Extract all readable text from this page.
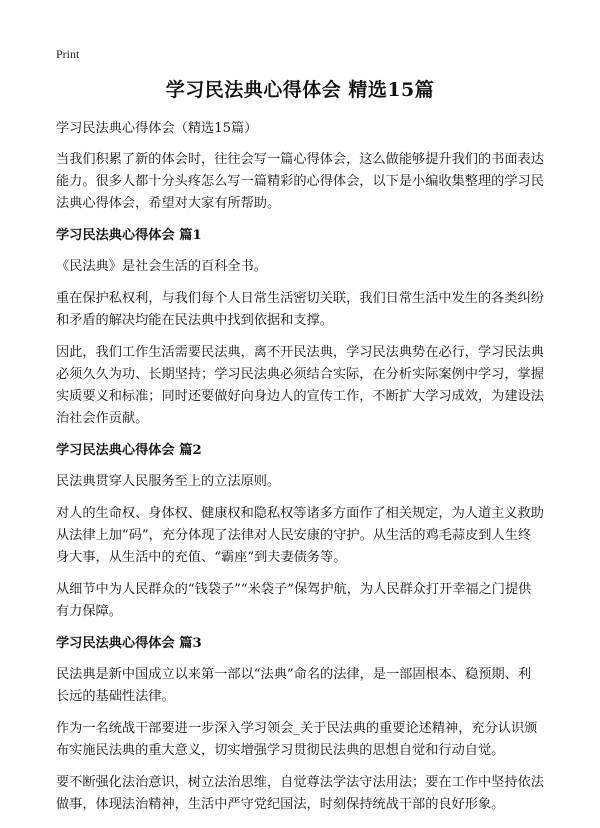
Print
学习民法典心得体会 精选15篇

学习民法典心得体会（精选15篇）

当我们积累了新的体会时，往往会写一篇心得体会，这么做能够提升我们的书面表达能力。很多人都十分头疼怎么写一篇精彩的心得体会，以下是小编收集整理的学习民法典心得体会，希望对大家有所帮助。

学习民法典心得体会 篇1

《民法典》是社会生活的百科全书。

重在保护私权利，与我们每个人日常生活密切关联，我们日常生活中发生的各类纠纷和矛盾的解决均能在民法典中找到依据和支撑。

因此，我们工作生活需要民法典，离不开民法典，学习民法典势在必行，学习民法典必须久久为功、长期坚持；学习民法典必须结合实际，在分析实际案例中学习，掌握实质要义和标准；同时还要做好向身边人的宣传工作，不断扩大学习成效，为建设法治社会作贡献。

学习民法典心得体会 篇2

民法典贯穿人民服务至上的立法原则。

对人的生命权、身体权、健康权和隐私权等诸多方面作了相关规定，为人道主义救助从法律上加“码”，充分体现了法律对人民安康的守护。从生活的鸡毛蒜皮到人生终身大事，从生活中的充值、“霸座”到夫妻债务等。

从细节中为人民群众的“钱袋子”“米袋子”保驾护航，为人民群众打开幸福之门提供有力保障。

学习民法典心得体会 篇3

民法典是新中国成立以来第一部以“法典”命名的法律，是一部固根本、稳预期、利长远的基础性法律。

作为一名统战干部要进一步深入学习领会_关于民法典的重要论述精神，充分认识颁布实施民法典的重大意义，切实增强学习贯彻民法典的思想自觉和行动自觉。

要不断强化法治意识，树立法治思维，自觉尊法学法守法用法；要在工作中坚持依法做事，体现法治精神，生活中严守党纪国法，时刻保持统战干部的良好形象。
